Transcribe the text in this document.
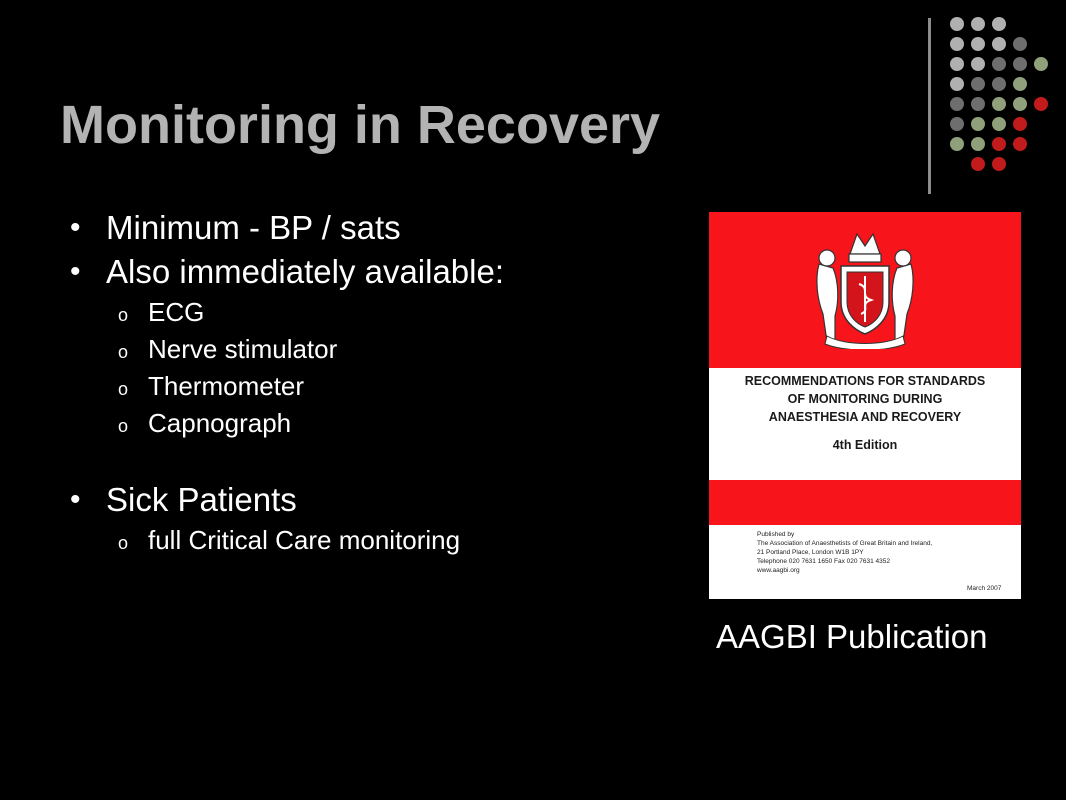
Monitoring in Recovery
• Minimum - BP / sats
• Also immediately available:
o ECG
o Nerve stimulator
o Thermometer
o Capnograph
• Sick Patients
o full Critical Care monitoring
RECOMMENDATIONS FOR STANDARDS
OF MONITORING DURING
ANAESTHESIA AND RECOVERY
4th Edition
Published by
The Association of Anaesthetists of Great Britain and Ireland,
21 Portland Place, London W1B 1PY
Telephone 020 7631 1650 Fax 020 7631 4352
www.aagbi.org
March 2007
AAGBI Publication
